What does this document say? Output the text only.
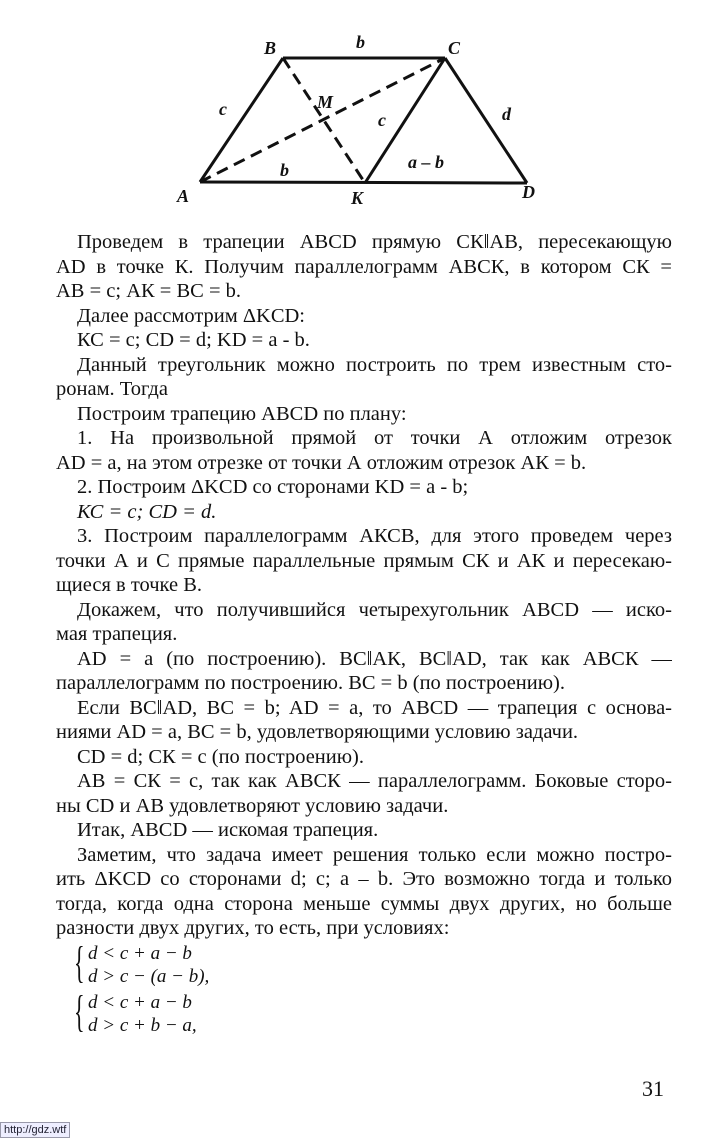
B	C
A	K	D
M
b
c
c	d
b	a – b
Проведем в трапеции ABCD прямую СК‖АВ, пересекающую
AD в точке К. Получим параллелограмм АВСК, в котором СК =
АВ = c; АК = ВС = b.
Далее рассмотрим ΔKCD:
КС = c; CD = d; KD = a - b.
Данный треугольник можно построить по трем известным сто-
ронам. Тогда
Построим трапецию ABCD по плану:
1. На произвольной прямой от точки А отложим отрезок
AD = a, на этом отрезке от точки А отложим отрезок АК = b.
2. Построим ΔKCD со сторонами KD = a - b;
КС = c; CD = d.
3. Построим параллелограмм АКСВ, для этого проведем через
точки А и С прямые параллельные прямым СК и АК и пересекаю-
щиеся в точке В.
Докажем, что получившийся четырехугольник ABCD — иско-
мая трапеция.
AD = a (по построению). ВС‖АК, ВС‖AD, так как АВСК —
параллелограмм по построению. ВС = b (по построению).
Если ВС‖AD, ВС = b; AD = a, то ABCD — трапеция с основа-
ниями AD = a, ВС = b, удовлетворяющими условию задачи.
CD = d; СК = c (по построению).
АВ = СК = c, так как АВСК — параллелограмм. Боковые сторо-
ны CD и АВ удовлетворяют условию задачи.
Итак, ABCD — искомая трапеция.
Заметим, что задача имеет решения только если можно постро-
ить ΔKCD со сторонами d; c; a – b. Это возможно тогда и только
тогда, когда одна сторона меньше суммы двух других, но больше
разности двух других, то есть, при условиях:
{ d < c + a − b
d > c − (a − b),
{ d < c + a − b
d > c + b − a,
31
http://gdz.wtf
